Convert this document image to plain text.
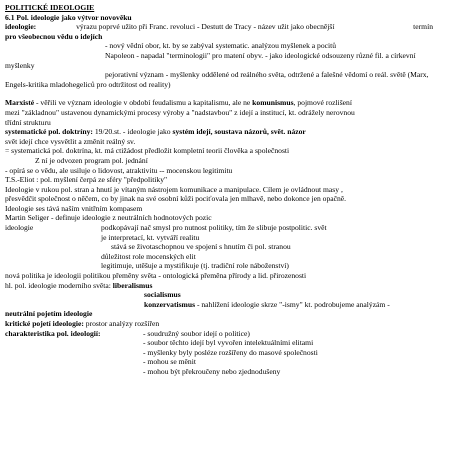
POLITICKÉ IDEOLOGIE
6.1 Pol. ideologie jako výtvor novověku
ideologie:	výrazu poprvé užito při Franc. revoluci - Destutt de Tracy - název užit jako obecnější	termín
pro všeobecnou vědu o idejích
- nový vědní obor, kt. by se zabýval systematic. analýzou myšlenek a pocitů
Napoleon - napadal "terminologii" pro matení obyv. - jako ideologické odsouzeny různé fil. a církevní
myšlenky
pejorativní význam - myšlenky oddělené od reálného světa, odtržené a falešné vědomí o reál. světě (Marx,
Engels-kritika mladohegeliců pro odtržitost od reality)
Marxisté - věřili ve význam ideologie v období feudalismu a kapitalismu, ale ne komunismus, pojmové rozlišení
mezi "základnou" ustavenou dynamickými procesy výroby a "nadstavbou" z idejí a institucí, kt. odrážely nerovnou
třídní strukturu
systematické pol. doktríny: 19/20.st. - ideologie jako systém idejí, soustava názorů, svět. názor
svět idejí chce vysvětlit a změnit reálný sv.
= systematická pol. doktrína, kt. má ctižádost předložit kompletní teorii člověka a společnosti
Z ní je odvozen program pol. jednání
- opírá se o vědu, ale usiluje o lidovost, atraktivitu -- mocenskou legitimitu
T.S.-Eliot : pol. myšlení čerpá ze sféry "předpolitiky"
Ideologie v rukou pol. stran a hnutí je vítaným nástrojem komunikace a manipulace. Cílem je ovládnout masy ,
přesvědčit společnost o něčem, co by jinak na své osobní kůži pociťovala jen mlhavě, nebo dokonce jen opačně.
Ideologie ses tává naším vnitřním kompasem
Martin Seliger - definuje ideologie z neutrálních hodnotových pozic
ideologie	podkopávají nač smysl pro nutnost politiky, tím že slibuje postpolitic. svět
je interpretací, kt. vytváří realitu
stává se životaschopnou ve spojení s hnutím či pol. stranou
důležitost role mocenských elit
legitimuje, utěšuje a mystifikuje (tj. tradiční role náboženství)
nová politika je ideologii politikou přeměny světa - ontologická přeměna přírody a lid. přirozenosti
hl. pol. ideologie moderního světa: liberalismus
socialismus
konzervatismus - nahlížení ideologie skrze "-ismy" kt. podrobujeme analýzám -
neutrální pojetím ideologie
kritické pojetí ideologie: prostor analýzy rozšířen
charakteristika pol. ideologií:	- soudružný soubor idejí o politice)
- soubor těchto idejí byl vyvořen intelektuálními elitami
- myšlenky byly posléze rozšířeny do masové společnosti
- mohou se měnit
- mohou být překroučeny nebo zjednodušeny
